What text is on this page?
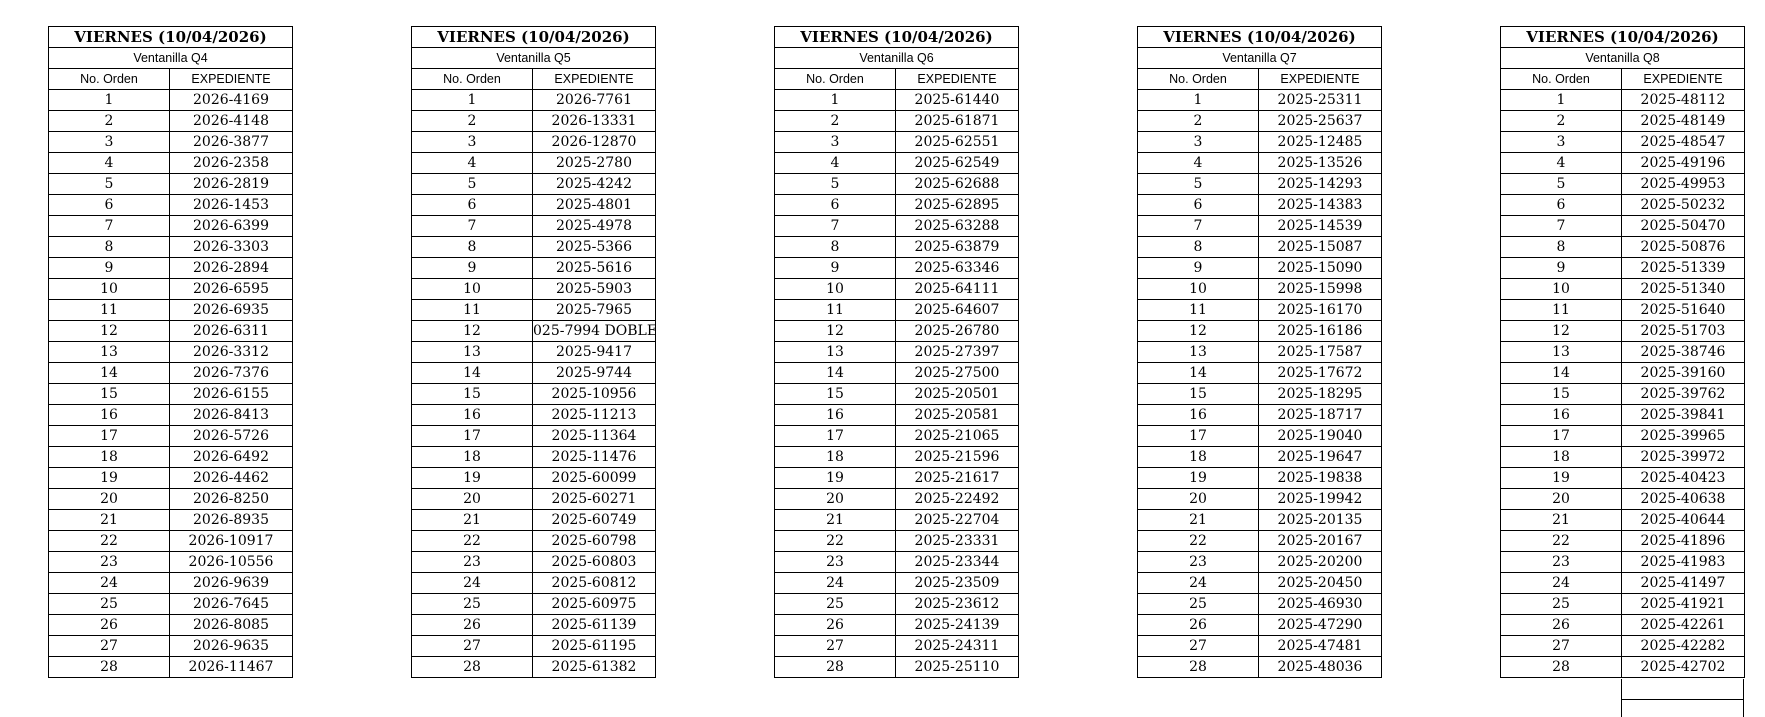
VIERNES (10/04/2026)	
Ventanilla Q4	
No. Orden	EXPEDIENTE
1	2026-4169
2	2026-4148
3	2026-3877
4	2026-2358
5	2026-2819
6	2026-1453
7	2026-6399
8	2026-3303
9	2026-2894
10	2026-6595
11	2026-6935
12	2026-6311
13	2026-3312
14	2026-7376
15	2026-6155
16	2026-8413
17	2026-5726
18	2026-6492
19	2026-4462
20	2026-8250
21	2026-8935
22	2026-10917
23	2026-10556
24	2026-9639
25	2026-7645
26	2026-8085
27	2026-9635
28	2026-11467
VIERNES (10/04/2026)	
Ventanilla Q5	
No. Orden	EXPEDIENTE
1	2026-7761
2	2026-13331
3	2026-12870
4	2025-2780
5	2025-4242
6	2025-4801
7	2025-4978
8	2025-5366
9	2025-5616
10	2025-5903
11	2025-7965
12	025-7994 DOBLE
13	2025-9417
14	2025-9744
15	2025-10956
16	2025-11213
17	2025-11364
18	2025-11476
19	2025-60099
20	2025-60271
21	2025-60749
22	2025-60798
23	2025-60803
24	2025-60812
25	2025-60975
26	2025-61139
27	2025-61195
28	2025-61382
VIERNES (10/04/2026)	
Ventanilla Q6	
No. Orden	EXPEDIENTE
1	2025-61440
2	2025-61871
3	2025-62551
4	2025-62549
5	2025-62688
6	2025-62895
7	2025-63288
8	2025-63879
9	2025-63346
10	2025-64111
11	2025-64607
12	2025-26780
13	2025-27397
14	2025-27500
15	2025-20501
16	2025-20581
17	2025-21065
18	2025-21596
19	2025-21617
20	2025-22492
21	2025-22704
22	2025-23331
23	2025-23344
24	2025-23509
25	2025-23612
26	2025-24139
27	2025-24311
28	2025-25110
VIERNES (10/04/2026)	
Ventanilla Q7	
No. Orden	EXPEDIENTE
1	2025-25311
2	2025-25637
3	2025-12485
4	2025-13526
5	2025-14293
6	2025-14383
7	2025-14539
8	2025-15087
9	2025-15090
10	2025-15998
11	2025-16170
12	2025-16186
13	2025-17587
14	2025-17672
15	2025-18295
16	2025-18717
17	2025-19040
18	2025-19647
19	2025-19838
20	2025-19942
21	2025-20135
22	2025-20167
23	2025-20200
24	2025-20450
25	2025-46930
26	2025-47290
27	2025-47481
28	2025-48036
VIERNES (10/04/2026)	
Ventanilla Q8	
No. Orden	EXPEDIENTE
1	2025-48112
2	2025-48149
3	2025-48547
4	2025-49196
5	2025-49953
6	2025-50232
7	2025-50470
8	2025-50876
9	2025-51339
10	2025-51340
11	2025-51640
12	2025-51703
13	2025-38746
14	2025-39160
15	2025-39762
16	2025-39841
17	2025-39965
18	2025-39972
19	2025-40423
20	2025-40638
21	2025-40644
22	2025-41896
23	2025-41983
24	2025-41497
25	2025-41921
26	2025-42261
27	2025-42282
28	2025-42702
